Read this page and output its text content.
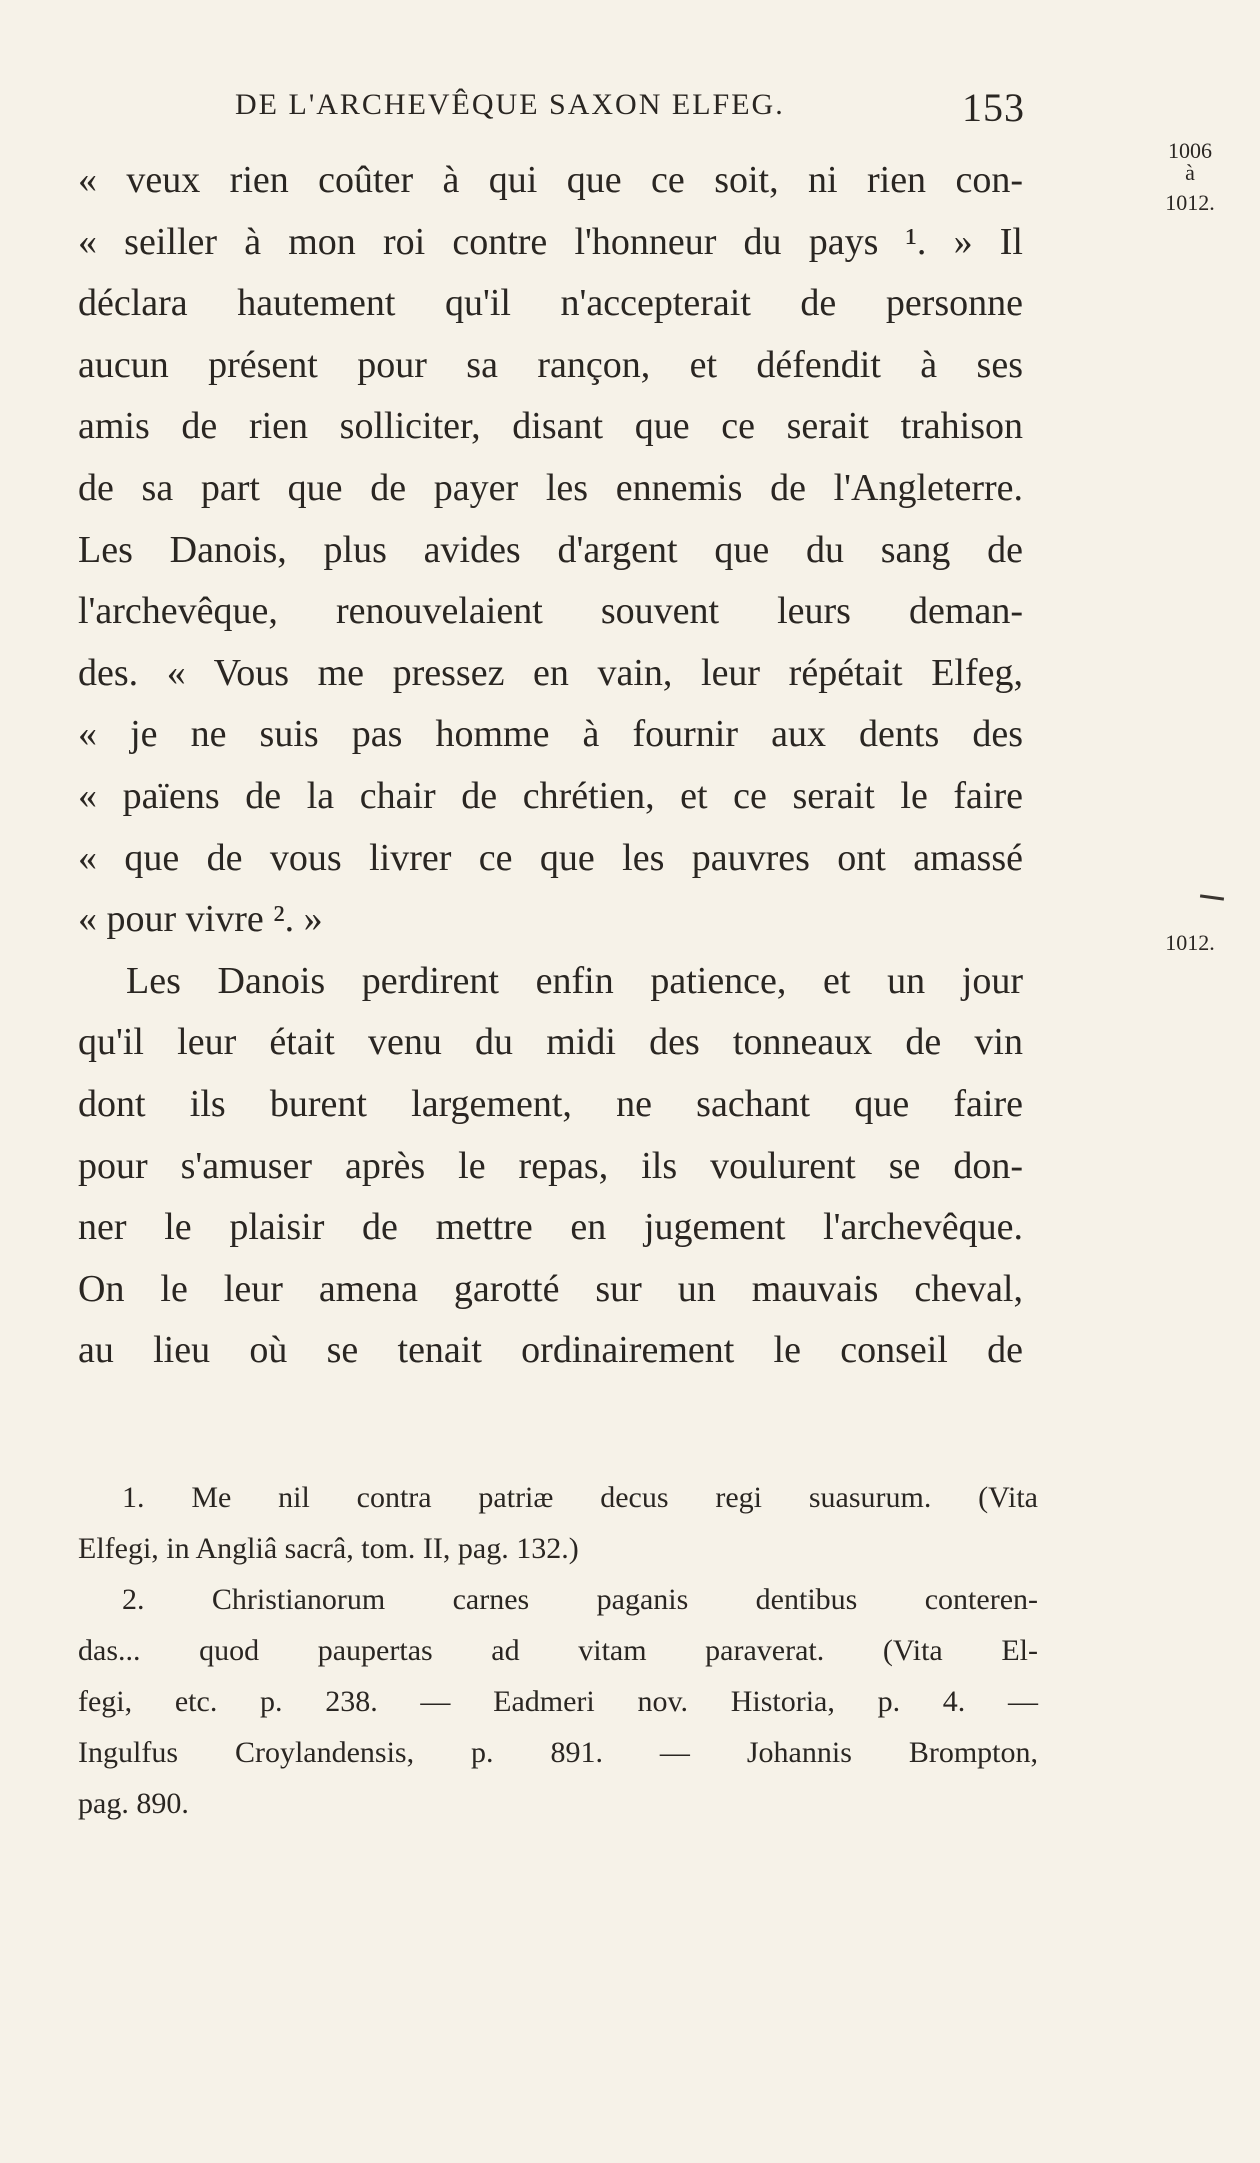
DE L'ARCHEVÊQUE SAXON ELFEG.	153
1006
à
1012.
1012.
« veux rien coûter à qui que ce soit, ni rien con-
« seiller à mon roi contre l'honneur du pays ¹. » Il
déclara hautement qu'il n'accepterait de personne
aucun présent pour sa rançon, et défendit à ses
amis de rien solliciter, disant que ce serait trahison
de sa part que de payer les ennemis de l'Angleterre.
Les Danois, plus avides d'argent que du sang de
l'archevêque, renouvelaient souvent leurs deman-
des. « Vous me pressez en vain, leur répétait Elfeg,
« je ne suis pas homme à fournir aux dents des
« païens de la chair de chrétien, et ce serait le faire
« que de vous livrer ce que les pauvres ont amassé
« pour vivre ². »
Les Danois perdirent enfin patience, et un jour
qu'il leur était venu du midi des tonneaux de vin
dont ils burent largement, ne sachant que faire
pour s'amuser après le repas, ils voulurent se don-
ner le plaisir de mettre en jugement l'archevêque.
On le leur amena garotté sur un mauvais cheval,
au lieu où se tenait ordinairement le conseil de
1. Me nil contra patriæ decus regi suasurum. (Vita
Elfegi, in Angliâ sacrâ, tom. II, pag. 132.)
2. Christianorum carnes paganis dentibus conteren-
das... quod paupertas ad vitam paraverat. (Vita El-
fegi, etc. p. 238. — Eadmeri nov. Historia, p. 4. —
Ingulfus Croylandensis, p. 891. — Johannis Brompton,
pag. 890.
